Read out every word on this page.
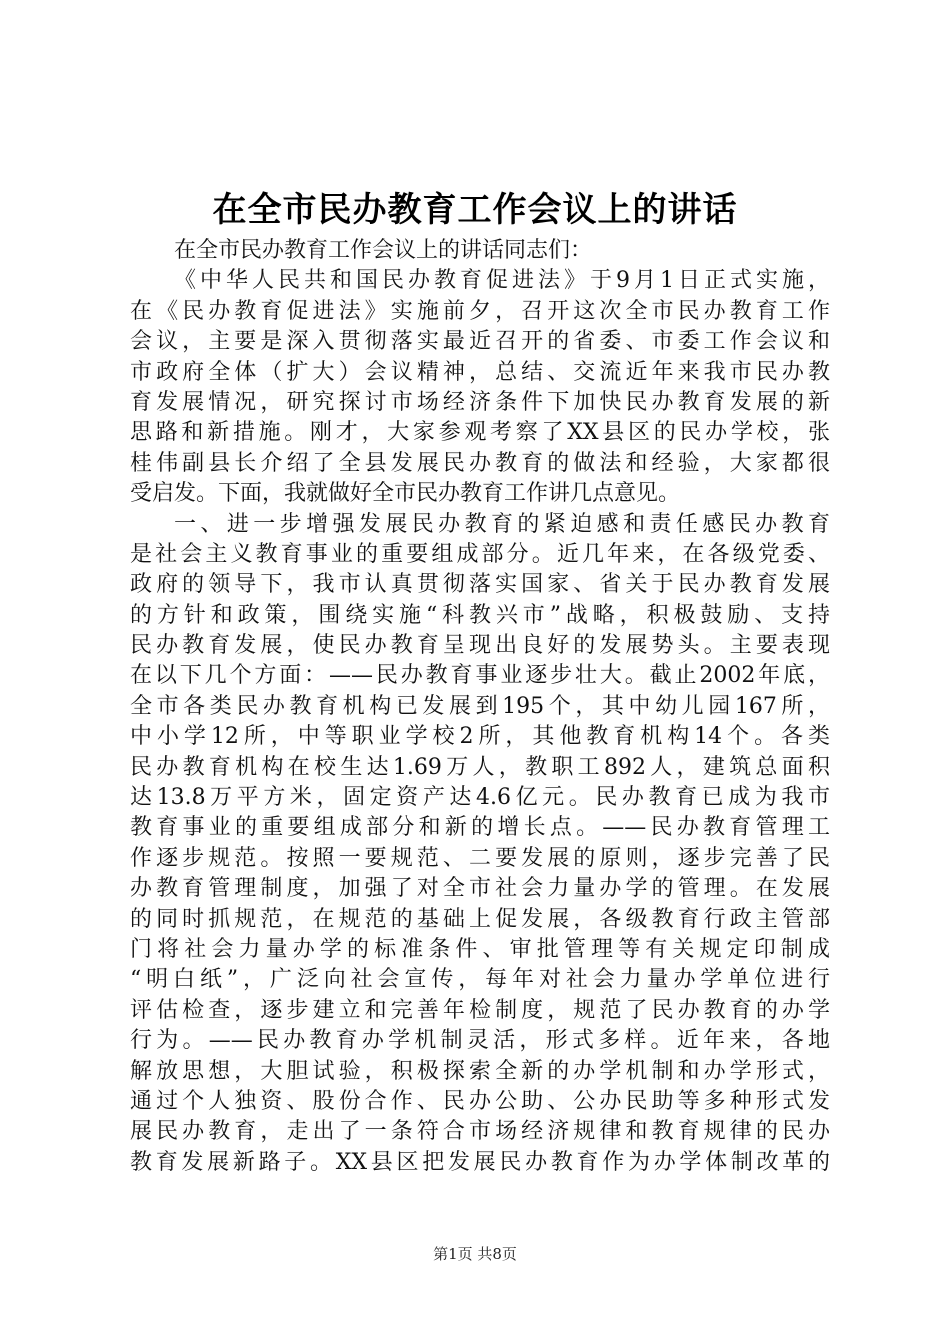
在全市民办教育工作会议上的讲话
在全市民办教育工作会议上的讲话同志们：
《中华人民共和国民办教育促进法》于9月1日正式实施，
在《民办教育促进法》实施前夕，召开这次全市民办教育工作
会议，主要是深入贯彻落实最近召开的省委、市委工作会议和
市政府全体（扩大）会议精神，总结、交流近年来我市民办教
育发展情况，研究探讨市场经济条件下加快民办教育发展的新
思路和新措施。刚才，大家参观考察了XX县区的民办学校，张
桂伟副县长介绍了全县发展民办教育的做法和经验，大家都很
受启发。下面，我就做好全市民办教育工作讲几点意见。
一、进一步增强发展民办教育的紧迫感和责任感民办教育
是社会主义教育事业的重要组成部分。近几年来，在各级党委、
政府的领导下，我市认真贯彻落实国家、省关于民办教育发展
的方针和政策，围绕实施“科教兴市”战略，积极鼓励、支持
民办教育发展，使民办教育呈现出良好的发展势头。主要表现
在以下几个方面：——民办教育事业逐步壮大。截止2002年底，
全市各类民办教育机构已发展到195个，其中幼儿园167所，
中小学12所，中等职业学校2所，其他教育机构14个。各类
民办教育机构在校生达1.69万人，教职工892人，建筑总面积
达13.8万平方米，固定资产达4.6亿元。民办教育已成为我市
教育事业的重要组成部分和新的增长点。——民办教育管理工
作逐步规范。按照一要规范、二要发展的原则，逐步完善了民
办教育管理制度，加强了对全市社会力量办学的管理。在发展
的同时抓规范，在规范的基础上促发展，各级教育行政主管部
门将社会力量办学的标准条件、审批管理等有关规定印制成
“明白纸”，广泛向社会宣传，每年对社会力量办学单位进行
评估检查，逐步建立和完善年检制度，规范了民办教育的办学
行为。——民办教育办学机制灵活，形式多样。近年来，各地
解放思想，大胆试验，积极探索全新的办学机制和办学形式，
通过个人独资、股份合作、民办公助、公办民助等多种形式发
展民办教育，走出了一条符合市场经济规律和教育规律的民办
教育发展新路子。XX县区把发展民办教育作为办学体制改革的
第1页 共8页
